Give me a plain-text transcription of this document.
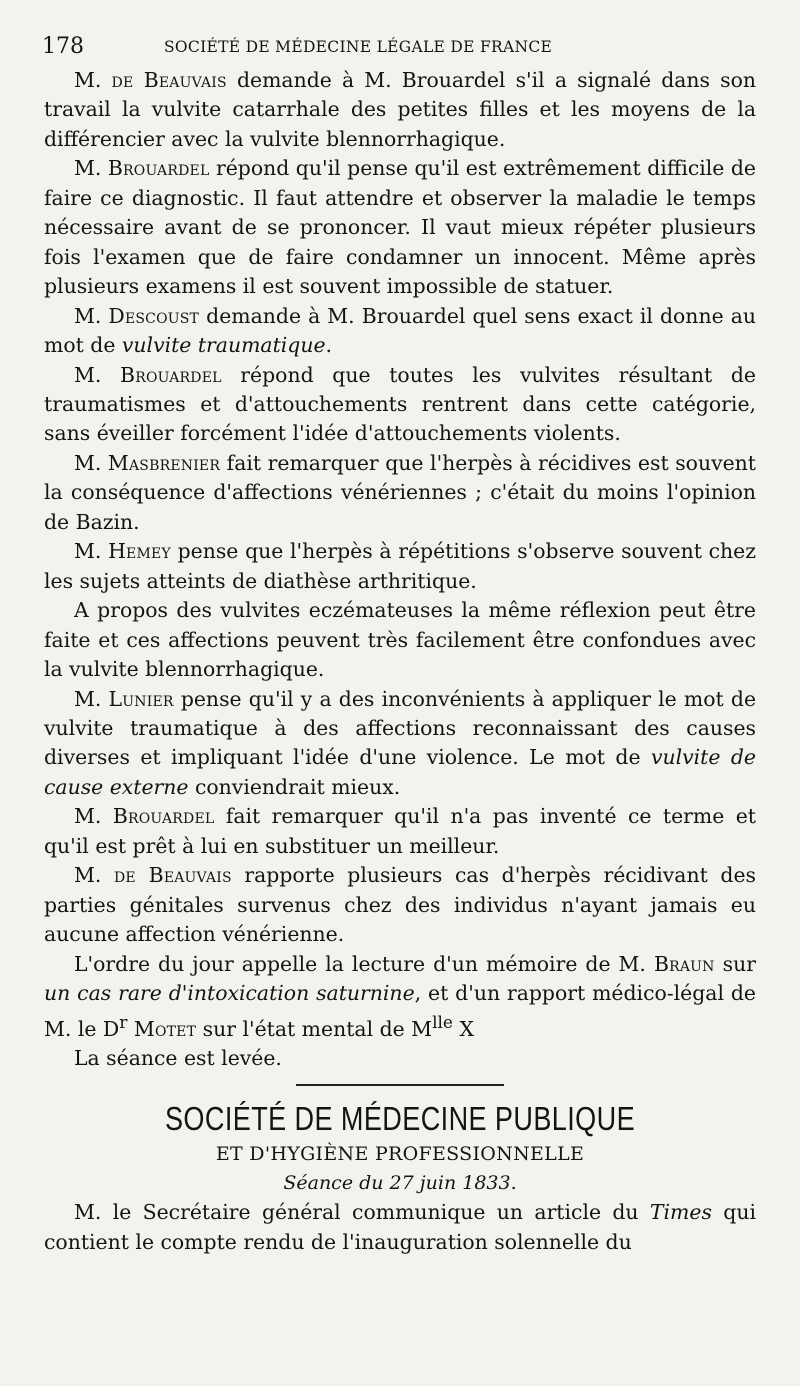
178	SOCIÉTÉ DE MÉDECINE LÉGALE DE FRANCE

M. de Beauvais demande à M. Brouardel s'il a signalé dans son travail la vulvite catarrhale des petites filles et les moyens de la différencier avec la vulvite blennorrhagique.

M. Brouardel répond qu'il pense qu'il est extrêmement difficile de faire ce diagnostic. Il faut attendre et observer la maladie le temps nécessaire avant de se prononcer. Il vaut mieux répéter plusieurs fois l'examen que de faire condamner un innocent. Même après plusieurs examens il est souvent impossible de statuer.

M. Descoust demande à M. Brouardel quel sens exact il donne au mot de vulvite traumatique.

M. Brouardel répond que toutes les vulvites résultant de traumatismes et d'attouchements rentrent dans cette catégorie, sans éveiller forcément l'idée d'attouchements violents.

M. Masbrenier fait remarquer que l'herpès à récidives est souvent la conséquence d'affections vénériennes ; c'était du moins l'opinion de Bazin.

M. Hemey pense que l'herpès à répétitions s'observe souvent chez les sujets atteints de diathèse arthritique.

A propos des vulvites eczémateuses la même réflexion peut être faite et ces affections peuvent très facilement être confondues avec la vulvite blennorrhagique.

M. Lunier pense qu'il y a des inconvénients à appliquer le mot de vulvite traumatique à des affections reconnaissant des causes diverses et impliquant l'idée d'une violence. Le mot de vulvite de cause externe conviendrait mieux.

M. Brouardel fait remarquer qu'il n'a pas inventé ce terme et qu'il est prêt à lui en substituer un meilleur.

M. de Beauvais rapporte plusieurs cas d'herpès récidivant des parties génitales survenus chez des individus n'ayant jamais eu aucune affection vénérienne.

L'ordre du jour appelle la lecture d'un mémoire de M. Braun sur un cas rare d'intoxication saturnine, et d'un rapport médico-légal de M. le $D^r$ Motet sur l'état mental de $M^{lle}$ X

La séance est levée.

SOCIÉTÉ DE MÉDECINE PUBLIQUE
ET D'HYGIÈNE PROFESSIONNELLE
Séance du 27 juin 1833.

M. le Secrétaire général communique un article du Times qui contient le compte rendu de l'inauguration solennelle du
